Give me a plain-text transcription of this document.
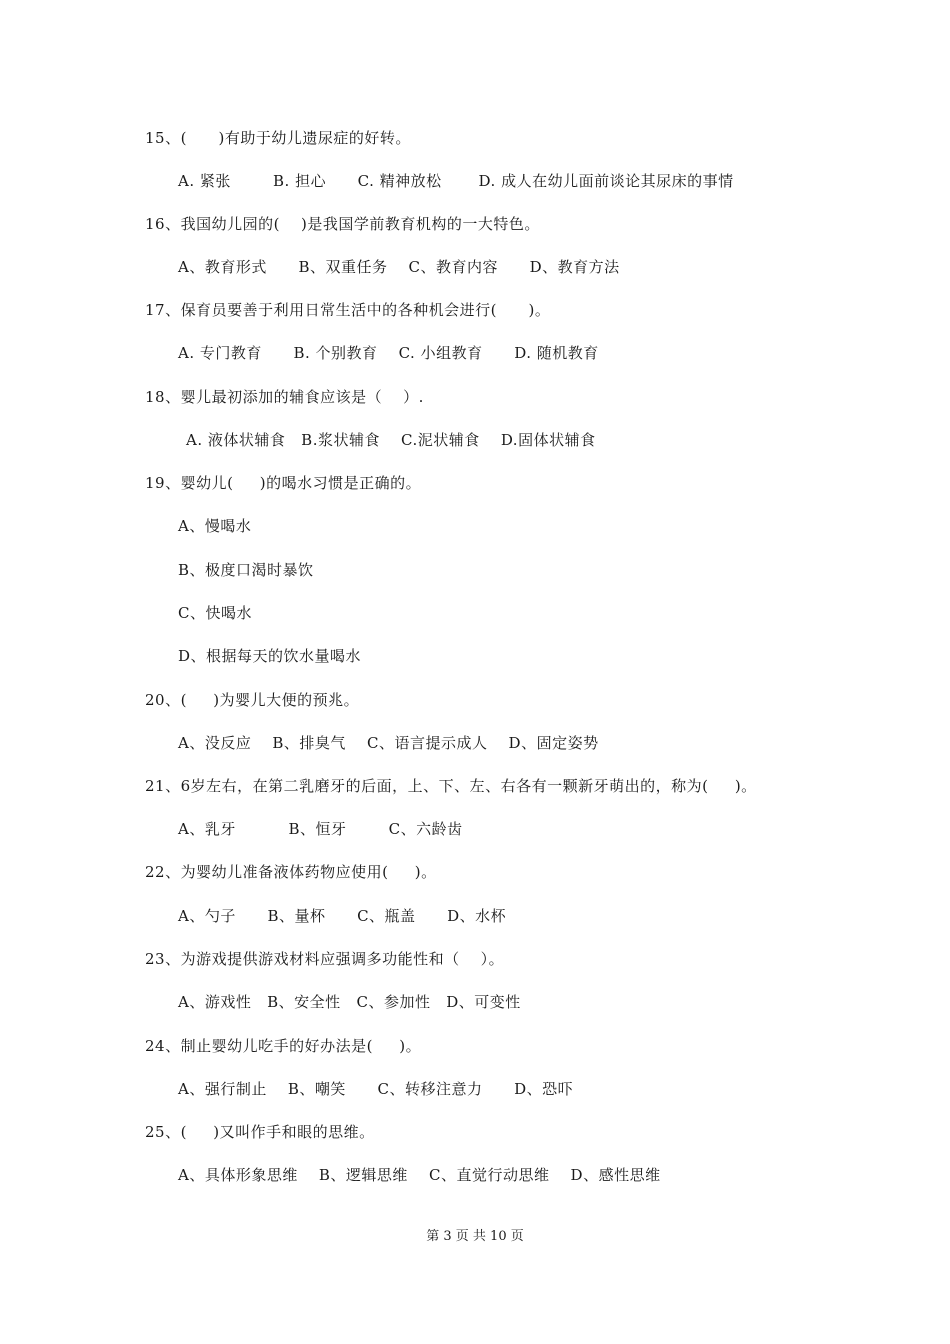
15、(      )有助于幼儿遗尿症的好转。
A. 紧张        B. 担心      C. 精神放松       D. 成人在幼儿面前谈论其尿床的事情
16、我国幼儿园的(    )是我国学前教育机构的一大特色。
A、教育形式      B、双重任务    C、教育内容      D、教育方法
17、保育员要善于利用日常生活中的各种机会进行(      )。
A. 专门教育      B. 个别教育    C. 小组教育      D. 随机教育
18、婴儿最初添加的辅食应该是（    ）.
A. 液体状辅食   B.浆状辅食    C.泥状辅食    D.固体状辅食
19、婴幼儿(     )的喝水习惯是正确的。
A、慢喝水
B、极度口渴时暴饮
C、快喝水
D、根据每天的饮水量喝水
20、(     )为婴儿大便的预兆。
A、没反应    B、排臭气    C、语言提示成人    D、固定姿势
21、6岁左右，在第二乳磨牙的后面，上、下、左、右各有一颗新牙萌出的，称为(     )。
A、乳牙          B、恒牙        C、六龄齿
22、为婴幼儿准备液体药物应使用(     )。
A、勺子      B、量杯      C、瓶盖      D、水杯
23、为游戏提供游戏材料应强调多功能性和（    ）。
A、游戏性   B、安全性   C、参加性   D、可变性
24、制止婴幼儿吃手的好办法是(     )。
A、强行制止    B、嘲笑      C、转移注意力      D、恐吓
25、(     )又叫作手和眼的思维。
A、具体形象思维    B、逻辑思维    C、直觉行动思维    D、感性思维
第 3 页 共 10 页
